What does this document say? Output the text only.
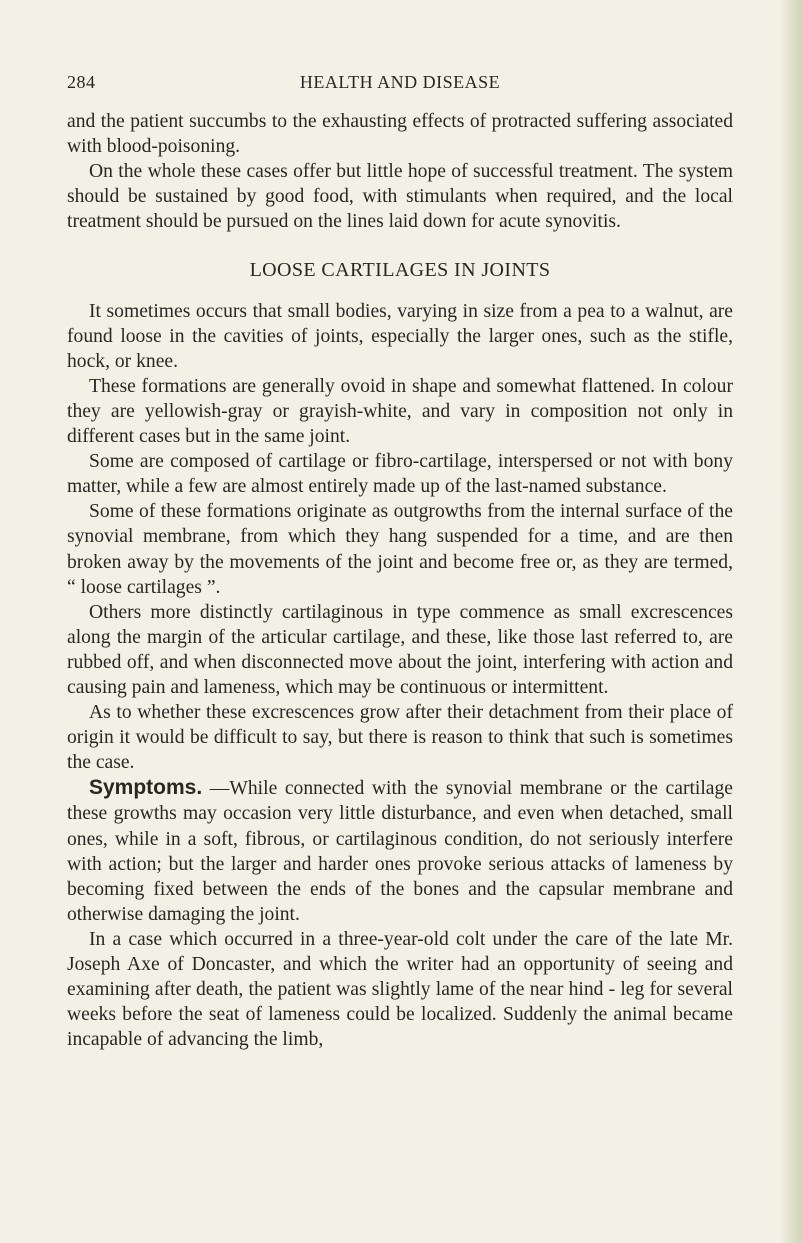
284	HEALTH AND DISEASE

and the patient succumbs to the exhausting effects of protracted suffering associated with blood-poisoning.

On the whole these cases offer but little hope of successful treatment. The system should be sustained by good food, with stimulants when required, and the local treatment should be pursued on the lines laid down for acute synovitis.

LOOSE CARTILAGES IN JOINTS

It sometimes occurs that small bodies, varying in size from a pea to a walnut, are found loose in the cavities of joints, especially the larger ones, such as the stifle, hock, or knee.

These formations are generally ovoid in shape and somewhat flattened. In colour they are yellowish-gray or grayish-white, and vary in composition not only in different cases but in the same joint.

Some are composed of cartilage or fibro-cartilage, interspersed or not with bony matter, while a few are almost entirely made up of the last-named substance.

Some of these formations originate as outgrowths from the internal surface of the synovial membrane, from which they hang suspended for a time, and are then broken away by the movements of the joint and become free or, as they are termed, “ loose cartilages ”.

Others more distinctly cartilaginous in type commence as small excrescences along the margin of the articular cartilage, and these, like those last referred to, are rubbed off, and when disconnected move about the joint, interfering with action and causing pain and lameness, which may be continuous or intermittent.

As to whether these excrescences grow after their detachment from their place of origin it would be difficult to say, but there is reason to think that such is sometimes the case.

Symptoms. —While connected with the synovial membrane or the cartilage these growths may occasion very little disturbance, and even when detached, small ones, while in a soft, fibrous, or cartilaginous condition, do not seriously interfere with action; but the larger and harder ones provoke serious attacks of lameness by becoming fixed between the ends of the bones and the capsular membrane and otherwise damaging the joint.

In a case which occurred in a three-year-old colt under the care of the late Mr. Joseph Axe of Doncaster, and which the writer had an opportunity of seeing and examining after death, the patient was slightly lame of the near hind - leg for several weeks before the seat of lameness could be localized. Suddenly the animal became incapable of advancing the limb,
